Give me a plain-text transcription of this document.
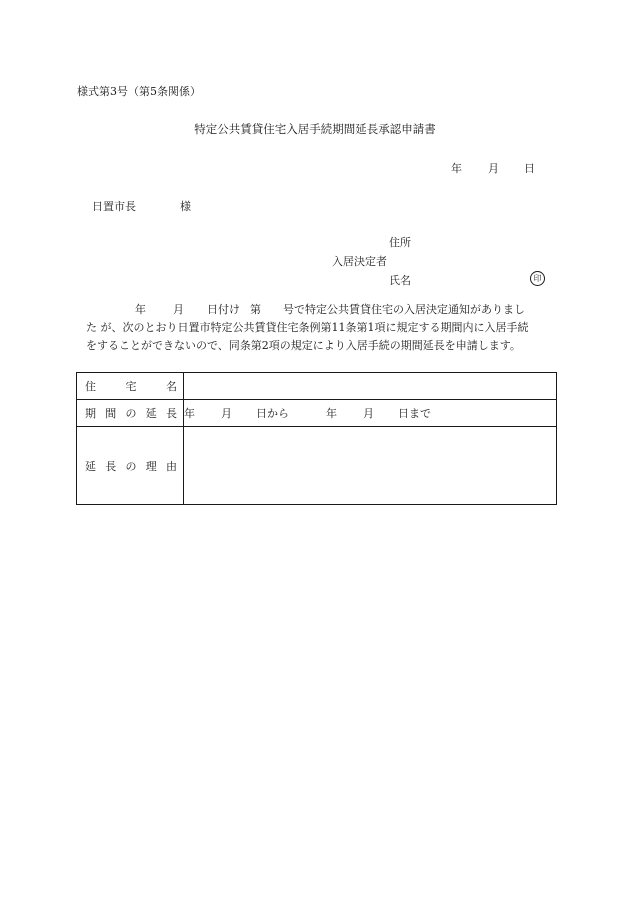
様式第3号（第5条関係）
特定公共賃貸住宅入居手続期間延長承認申請書
年 月 日
日置市長	様
住所
入居決定者
氏名	印
年 月 日付け 第 号で特定公共賃貸住宅の入居決定通知がありまし
た が、次のとおり日置市特定公共賃貸住宅条例第11条第1項に規定する期間内に入居手続
をすることができないので、同条第2項の規定により入居手続の期間延長を申請します。
住 宅 名	

期 間 の 延 長	年 月 日から 年 月 日まで

延 長 の 理 由	
